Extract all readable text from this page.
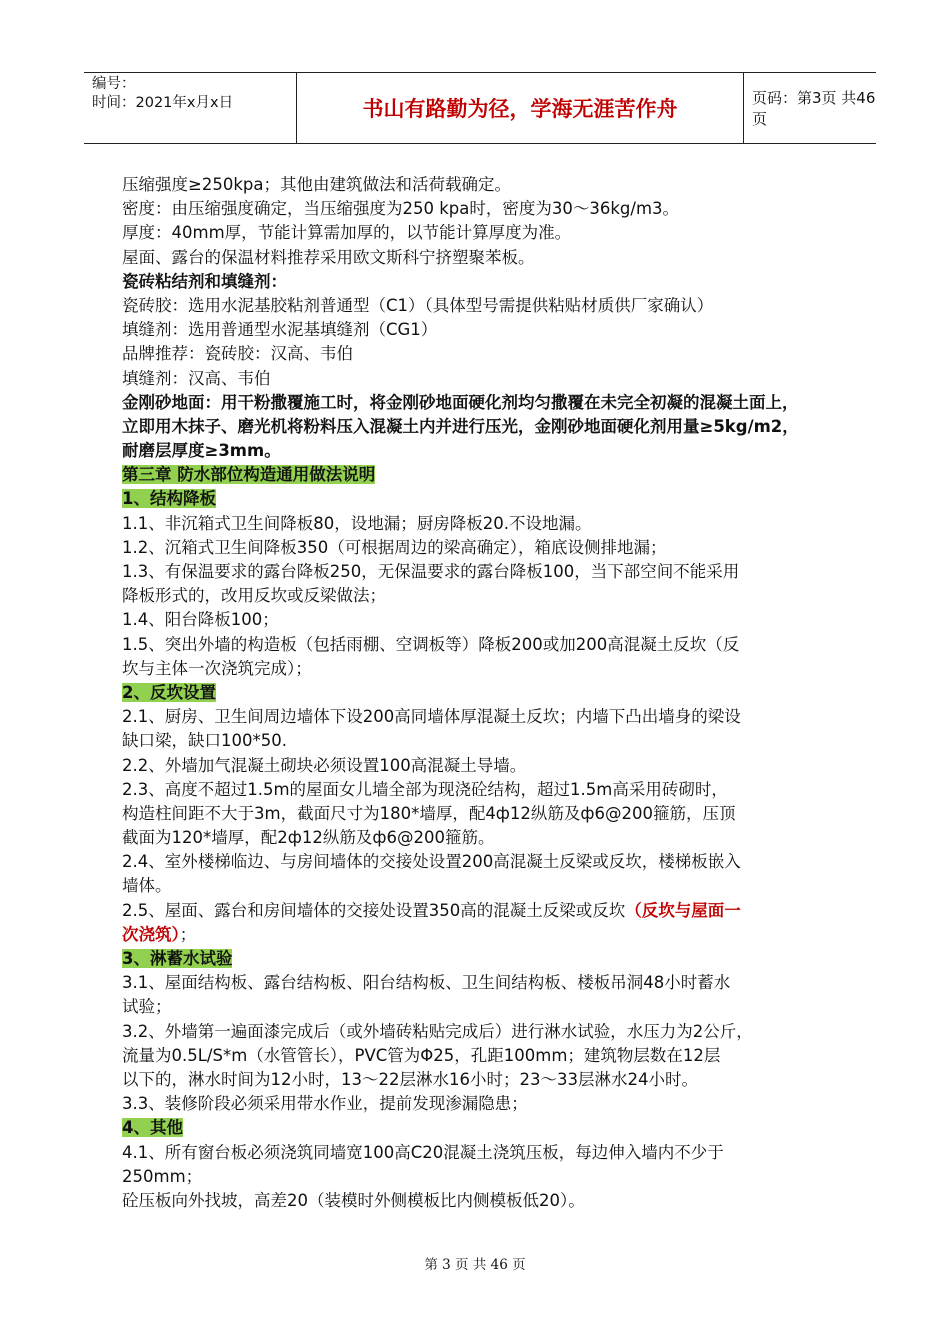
编号：
时间：2021年x月x日	书山有路勤为径，学海无涯苦作舟	页码：第3页 共46页
压缩强度≥250kpa；其他由建筑做法和活荷载确定。
密度：由压缩强度确定，当压缩强度为250 kpa时，密度为30～36kg/m3。
厚度：40mm厚，节能计算需加厚的，以节能计算厚度为准。
屋面、露台的保温材料推荐采用欧文斯科宁挤塑聚苯板。
瓷砖粘结剂和填缝剂：
瓷砖胶：选用水泥基胶粘剂普通型（C1）（具体型号需提供粘贴材质供厂家确认）
填缝剂：选用普通型水泥基填缝剂（CG1）
品牌推荐：瓷砖胶：汉高、韦伯
填缝剂：汉高、韦伯
金刚砂地面：用干粉撒覆施工时，将金刚砂地面硬化剂均匀撒覆在未完全初凝的混凝土面上，
立即用木抹子、磨光机将粉料压入混凝土内并进行压光，金刚砂地面硬化剂用量≥5kg/m2，
耐磨层厚度≥3mm。
第三章 防水部位构造通用做法说明
1、结构降板
1.1、非沉箱式卫生间降板80，设地漏；厨房降板20.不设地漏。
1.2、沉箱式卫生间降板350（可根据周边的梁高确定），箱底设侧排地漏；
1.3、有保温要求的露台降板250，无保温要求的露台降板100，当下部空间不能采用
降板形式的，改用反坎或反梁做法；
1.4、阳台降板100；
1.5、突出外墙的构造板（包括雨棚、空调板等）降板200或加200高混凝土反坎（反
坎与主体一次浇筑完成）；
2、反坎设置
2.1、厨房、卫生间周边墙体下设200高同墙体厚混凝土反坎；内墙下凸出墙身的梁设
缺口梁，缺口100*50.
2.2、外墙加气混凝土砌块必须设置100高混凝土导墙。
2.3、高度不超过1.5m的屋面女儿墙全部为现浇砼结构，超过1.5m高采用砖砌时，
构造柱间距不大于3m，截面尺寸为180*墙厚，配4ф12纵筋及ф6@200箍筋，压顶
截面为120*墙厚，配2ф12纵筋及ф6@200箍筋。
2.4、室外楼梯临边、与房间墙体的交接处设置200高混凝土反梁或反坎，楼梯板嵌入
墙体。
2.5、屋面、露台和房间墙体的交接处设置350高的混凝土反梁或反坎（反坎与屋面一
次浇筑）；
3、淋蓄水试验
3.1、屋面结构板、露台结构板、阳台结构板、卫生间结构板、楼板吊洞48小时蓄水
试验；
3.2、外墙第一遍面漆完成后（或外墙砖粘贴完成后）进行淋水试验，水压力为2公斤，
流量为0.5L/S*m（水管管长），PVC管为Φ25，孔距100mm；建筑物层数在12层
以下的，淋水时间为12小时，13～22层淋水16小时；23～33层淋水24小时。
3.3、装修阶段必须采用带水作业，提前发现渗漏隐患；
4、其他
4.1、所有窗台板必须浇筑同墙宽100高C20混凝土浇筑压板，每边伸入墙内不少于
250mm；
砼压板向外找坡，高差20（装模时外侧模板比内侧模板低20）。
第 3 页 共 46 页
